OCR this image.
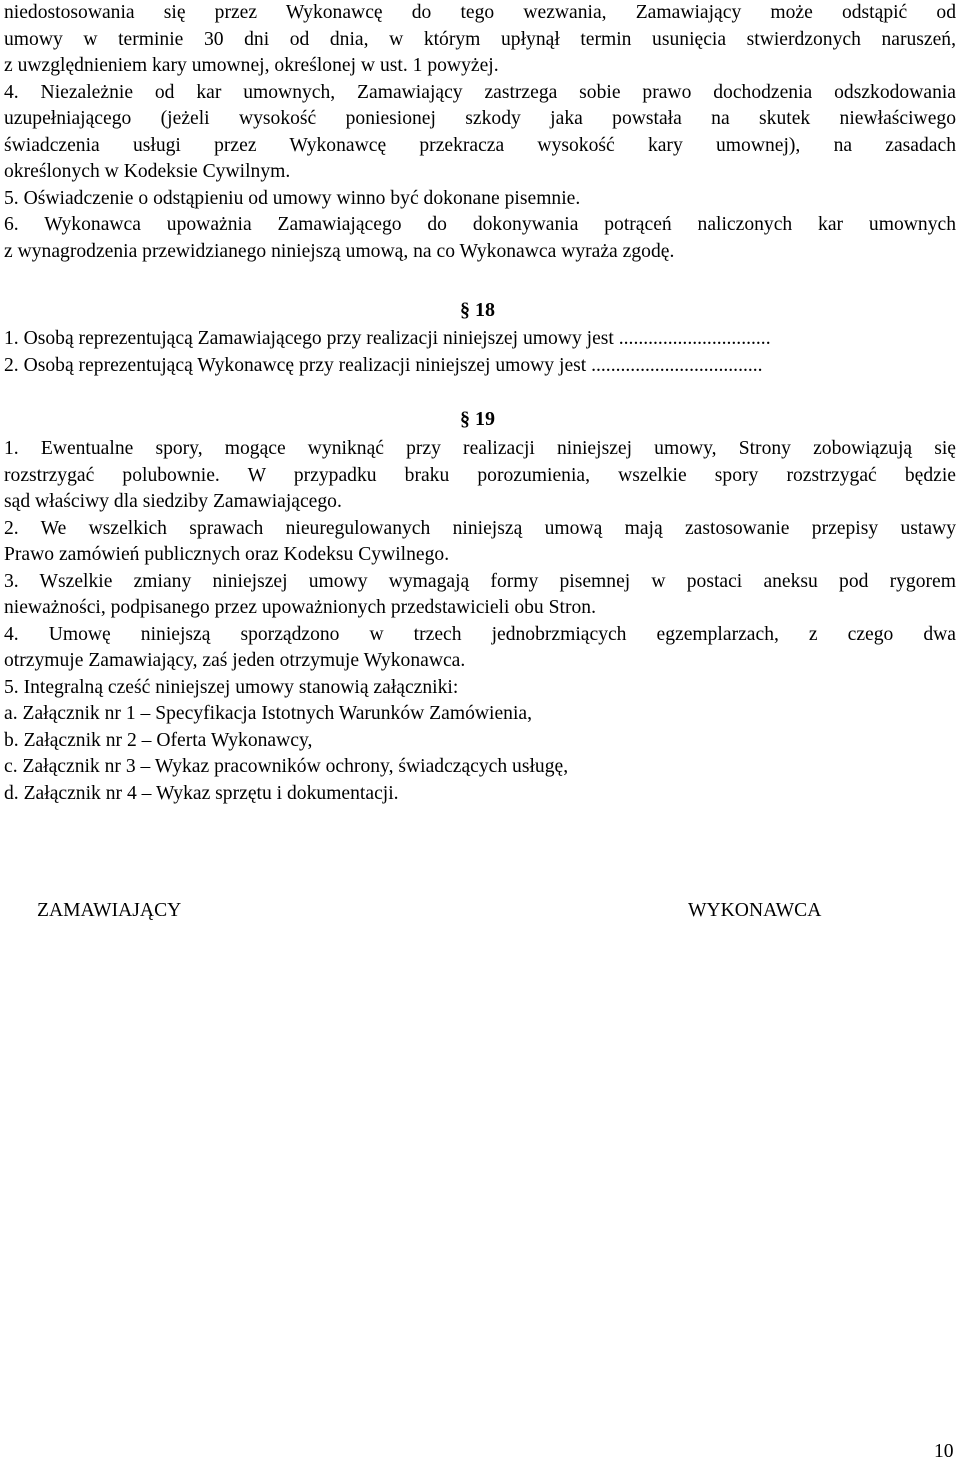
niedostosowania się przez Wykonawcę do tego wezwania, Zamawiający może odstąpić od
umowy w terminie 30 dni od dnia, w którym upłynął termin usunięcia stwierdzonych naruszeń,
z uwzględnieniem kary umownej, określonej w ust. 1 powyżej.
4. Niezależnie od kar umownych, Zamawiający zastrzega sobie prawo dochodzenia odszkodowania
uzupełniającego (jeżeli wysokość poniesionej szkody jaka powstała na skutek niewłaściwego
świadczenia usługi przez Wykonawcę przekracza wysokość kary umownej), na zasadach
określonych w Kodeksie Cywilnym.
5. Oświadczenie o odstąpieniu od umowy winno być dokonane pisemnie.
6. Wykonawca upoważnia Zamawiającego do dokonywania potrąceń naliczonych kar umownych
z wynagrodzenia przewidzianego niniejszą umową, na co Wykonawca wyraża zgodę.
§ 18
1. Osobą reprezentującą Zamawiającego przy realizacji niniejszej umowy jest ...............................
2. Osobą reprezentującą Wykonawcę przy realizacji niniejszej umowy jest ...................................
§ 19
1. Ewentualne spory, mogące wyniknąć przy realizacji niniejszej umowy, Strony zobowiązują się
rozstrzygać polubownie. W przypadku braku porozumienia, wszelkie spory rozstrzygać będzie
sąd właściwy dla siedziby Zamawiającego.
2. We wszelkich sprawach nieuregulowanych niniejszą umową mają zastosowanie przepisy ustawy
Prawo zamówień publicznych oraz Kodeksu Cywilnego.
3. Wszelkie zmiany niniejszej umowy wymagają formy pisemnej w postaci aneksu pod rygorem
nieważności, podpisanego przez upoważnionych przedstawicieli obu Stron.
4. Umowę niniejszą sporządzono w trzech jednobrzmiących egzemplarzach, z czego dwa
otrzymuje Zamawiający, zaś jeden otrzymuje Wykonawca.
5. Integralną cześć niniejszej umowy stanowią załączniki:
a. Załącznik nr 1 – Specyfikacja Istotnych Warunków Zamówienia,
b. Załącznik nr 2 – Oferta Wykonawcy,
c. Załącznik nr 3 – Wykaz pracowników ochrony, świadczących usługę,
d. Załącznik nr 4 – Wykaz sprzętu i dokumentacji.
ZAMAWIAJĄCY	WYKONAWCA
10
